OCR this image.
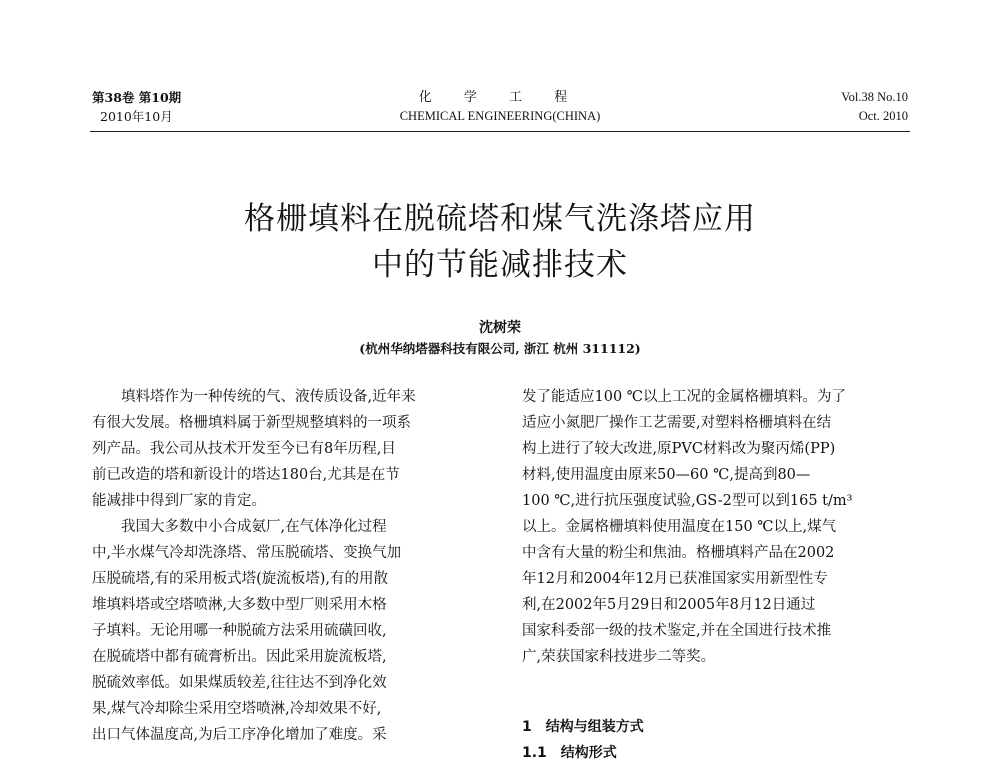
第38卷 第10期
2010年10月
化 学 工 程
CHEMICAL ENGINEERING(CHINA)
Vol.38 No.10
Oct. 2010
格栅填料在脱硫塔和煤气洗涤塔应用
中的节能减排技术
沈树荣
(杭州华纳塔器科技有限公司, 浙江 杭州 311112)
填料塔作为一种传统的气、液传质设备,近年来
有很大发展。格栅填料属于新型规整填料的一项系
列产品。我公司从技术开发至今已有8年历程,目
前已改造的塔和新设计的塔达180台,尤其是在节
能减排中得到厂家的肯定。
我国大多数中小合成氨厂,在气体净化过程
中,半水煤气冷却洗涤塔、常压脱硫塔、变换气加
压脱硫塔,有的采用板式塔(旋流板塔),有的用散
堆填料塔或空塔喷淋,大多数中型厂则采用木格
子填料。无论用哪一种脱硫方法采用硫磺回收,
在脱硫塔中都有硫膏析出。因此采用旋流板塔,
脱硫效率低。如果煤质较差,往往达不到净化效
果,煤气冷却除尘采用空塔喷淋,冷却效果不好,
出口气体温度高,为后工序净化增加了难度。采
发了能适应100 ℃以上工况的金属格栅填料。为了
适应小氮肥厂操作工艺需要,对塑料格栅填料在结
构上进行了较大改进,原PVC材料改为聚丙烯(PP)
材料,使用温度由原来50—60 ℃,提高到80—
100 ℃,进行抗压强度试验,GS-2型可以到165 t/m³
以上。金属格栅填料使用温度在150 ℃以上,煤气
中含有大量的粉尘和焦油。格栅填料产品在2002
年12月和2004年12月已获准国家实用新型性专
利,在2002年5月29日和2005年8月12日通过
国家科委部一级的技术鉴定,并在全国进行技术推
广,荣获国家科技进步二等奖。
1　结构与组装方式
1.1　结构形式
